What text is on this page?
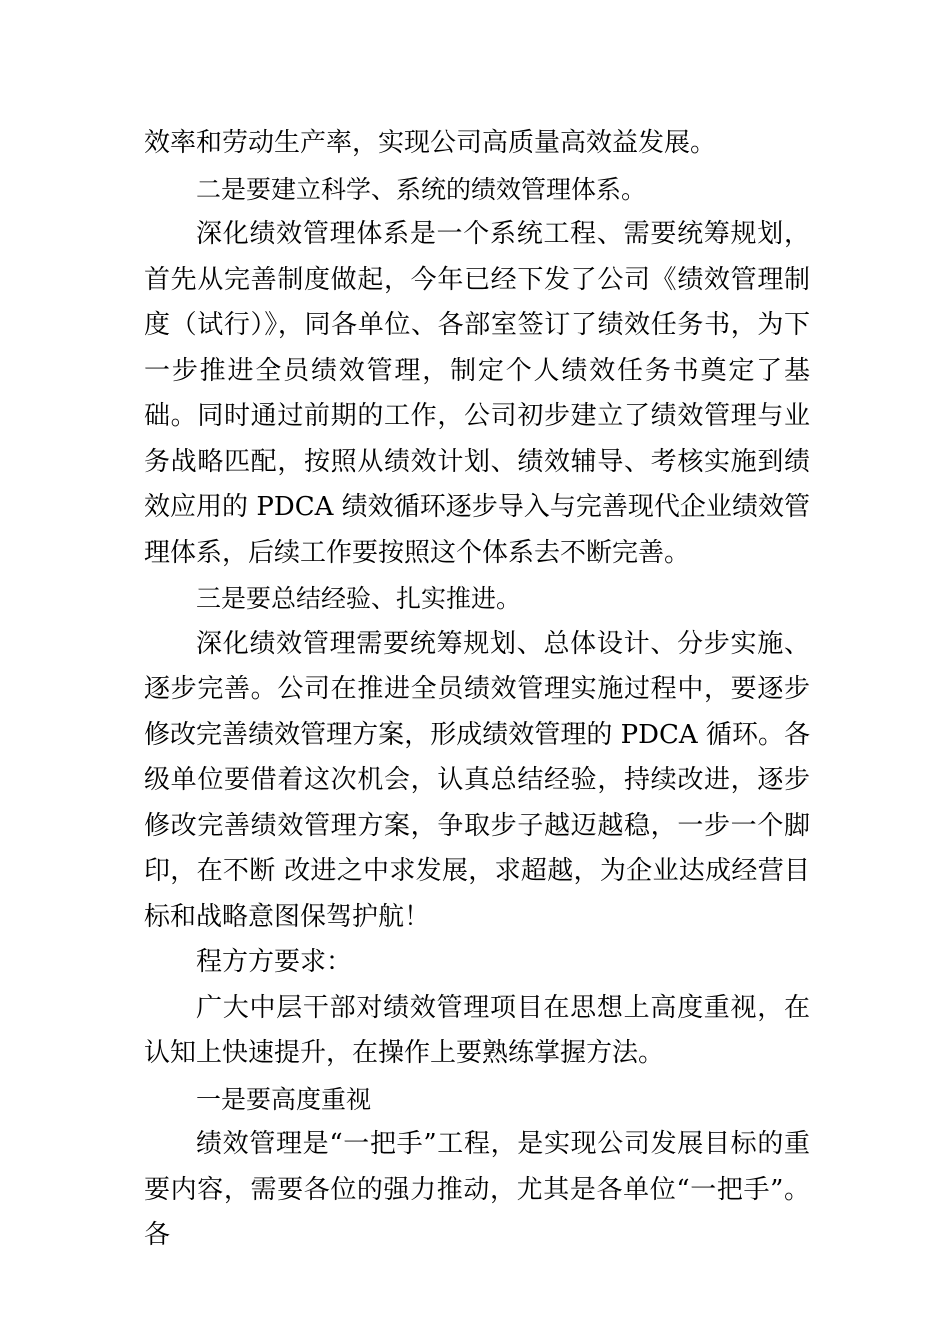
效率和劳动生产率，实现公司高质量高效益发展。

二是要建立科学、系统的绩效管理体系。

深化绩效管理体系是一个系统工程、需要统筹规划，首先从完善制度做起，今年已经下发了公司《绩效管理制度（试行）》，同各单位、各部室签订了绩效任务书，为下一步推进全员绩效管理，制定个人绩效任务书奠定了基础。同时通过前期的工作，公司初步建立了绩效管理与业务战略匹配，按照从绩效计划、绩效辅导、考核实施到绩效应用的 PDCA 绩效循环逐步导入与完善现代企业绩效管理体系，后续工作要按照这个体系去不断完善。

三是要总结经验、扎实推进。

深化绩效管理需要统筹规划、总体设计、分步实施、逐步完善。公司在推进全员绩效管理实施过程中，要逐步修改完善绩效管理方案，形成绩效管理的 PDCA 循环。各级单位要借着这次机会，认真总结经验，持续改进，逐步修改完善绩效管理方案，争取步子越迈越稳，一步一个脚印，在不断 改进之中求发展，求超越，为企业达成经营目标和战略意图保驾护航！

程方方要求：

广大中层干部对绩效管理项目在思想上高度重视，在认知上快速提升，在操作上要熟练掌握方法。

一是要高度重视

绩效管理是“一把手”工程，是实现公司发展目标的重要内容，需要各位的强力推动，尤其是各单位“一把手”。各
